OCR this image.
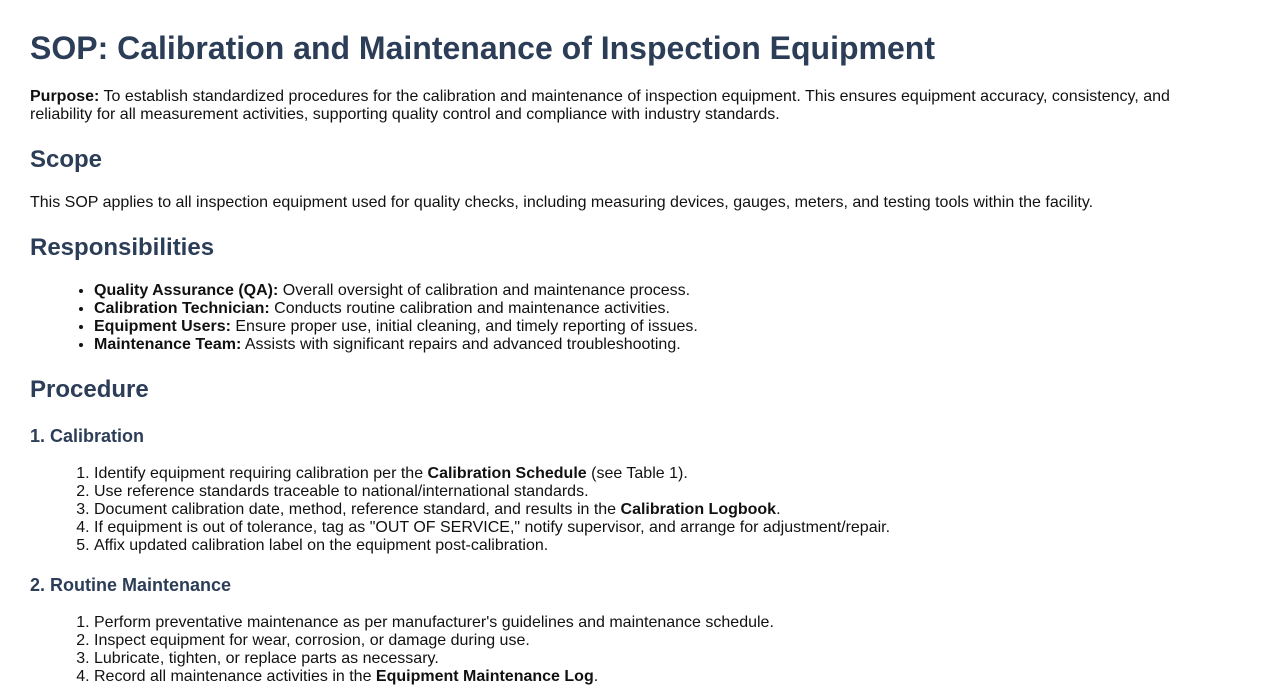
SOP: Calibration and Maintenance of Inspection Equipment

Purpose: To establish standardized procedures for the calibration and maintenance of inspection equipment. This ensures equipment accuracy, consistency, and reliability for all measurement activities, supporting quality control and compliance with industry standards.

Scope

This SOP applies to all inspection equipment used for quality checks, including measuring devices, gauges, meters, and testing tools within the facility.

Responsibilities
• Quality Assurance (QA): Overall oversight of calibration and maintenance process.
• Calibration Technician: Conducts routine calibration and maintenance activities.
• Equipment Users: Ensure proper use, initial cleaning, and timely reporting of issues.
• Maintenance Team: Assists with significant repairs and advanced troubleshooting.
Procedure
1. Calibration
1. Identify equipment requiring calibration per the Calibration Schedule (see Table 1).
2. Use reference standards traceable to national/international standards.
3. Document calibration date, method, reference standard, and results in the Calibration Logbook.
4. If equipment is out of tolerance, tag as "OUT OF SERVICE," notify supervisor, and arrange for adjustment/repair.
5. Affix updated calibration label on the equipment post-calibration.
2. Routine Maintenance
1. Perform preventative maintenance as per manufacturer's guidelines and maintenance schedule.
2. Inspect equipment for wear, corrosion, or damage during use.
3. Lubricate, tighten, or replace parts as necessary.
4. Record all maintenance activities in the Equipment Maintenance Log.
